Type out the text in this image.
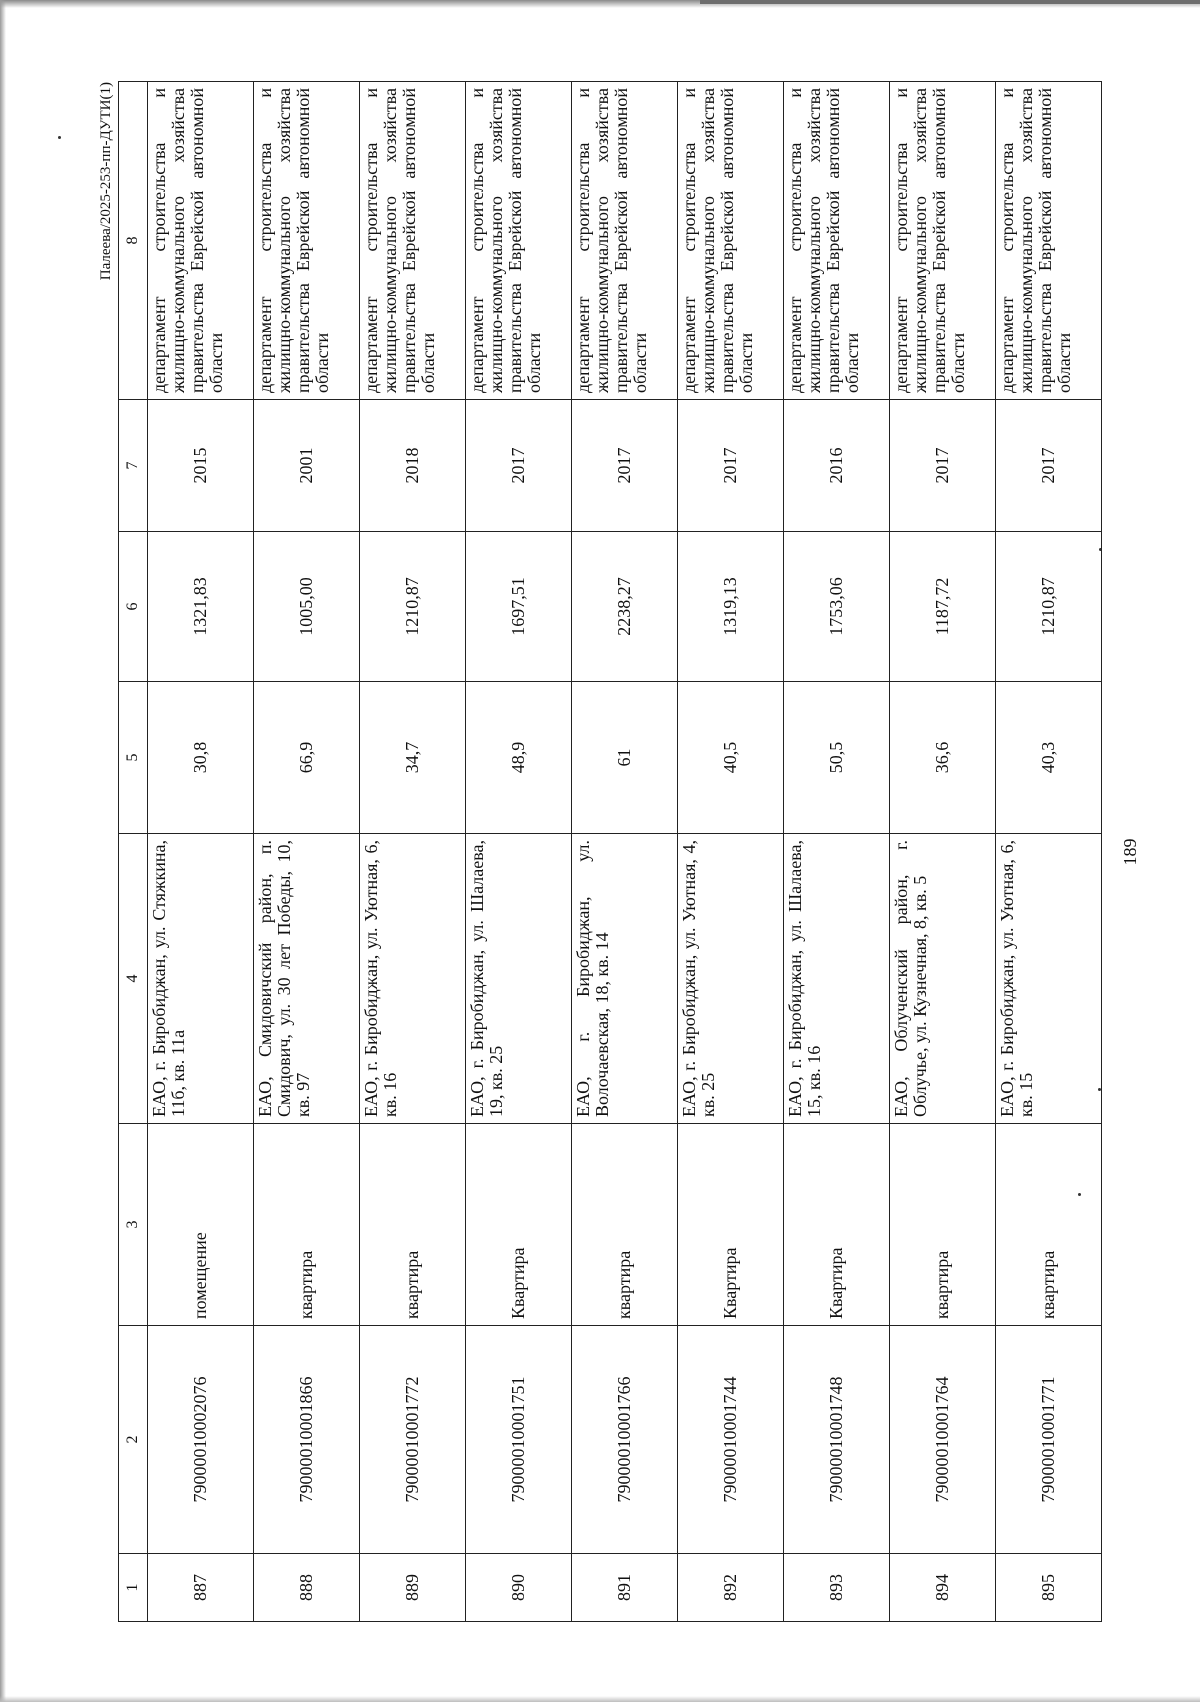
Палеева/2025-253-пп-ДУТИ(1)
1	2	3	4	5	6	7	8
887	79000010002076	помещение	ЕАО, г. Биробиджан, ул. Стяжкина, 11б, кв. 11а	30,8	1321,83	2015	департамент строительства и жилищно-коммунального хозяйства правительства Еврейской автономной области
888	79000010001866	квартира	ЕАО, Смидовичский район, п. Смидович, ул. 30 лет Победы, 10, кв. 97	66,9	1005,00	2001	департамент строительства и жилищно-коммунального хозяйства правительства Еврейской автономной области
889	79000010001772	квартира	ЕАО, г. Биробиджан, ул. Уютная, 6, кв. 16	34,7	1210,87	2018	департамент строительства и жилищно-коммунального хозяйства правительства Еврейской автономной области
890	79000010001751	Квартира	ЕАО, г. Биробиджан, ул. Шалаева, 19, кв. 25	48,9	1697,51	2017	департамент строительства и жилищно-коммунального хозяйства правительства Еврейской автономной области
891	79000010001766	квартира	ЕАО, г. Биробиджан, ул. Волочаевская, 18, кв. 14	61	2238,27	2017	департамент строительства и жилищно-коммунального хозяйства правительства Еврейской автономной области
892	79000010001744	Квартира	ЕАО, г. Биробиджан, ул. Уютная, 4, кв. 25	40,5	1319,13	2017	департамент строительства и жилищно-коммунального хозяйства правительства Еврейской автономной области
893	79000010001748	Квартира	ЕАО, г. Биробиджан, ул. Шалаева, 15, кв. 16	50,5	1753,06	2016	департамент строительства и жилищно-коммунального хозяйства правительства Еврейской автономной области
894	79000010001764	квартира	ЕАО, Облученский район, г. Облучье, ул. Кузнечная, 8, кв. 5	36,6	1187,72	2017	департамент строительства и жилищно-коммунального хозяйства правительства Еврейской автономной области
895	79000010001771	квартира	ЕАО, г. Биробиджан, ул. Уютная, 6, кв. 15	40,3	1210,87	2017	департамент строительства и жилищно-коммунального хозяйства правительства Еврейской автономной области
189
